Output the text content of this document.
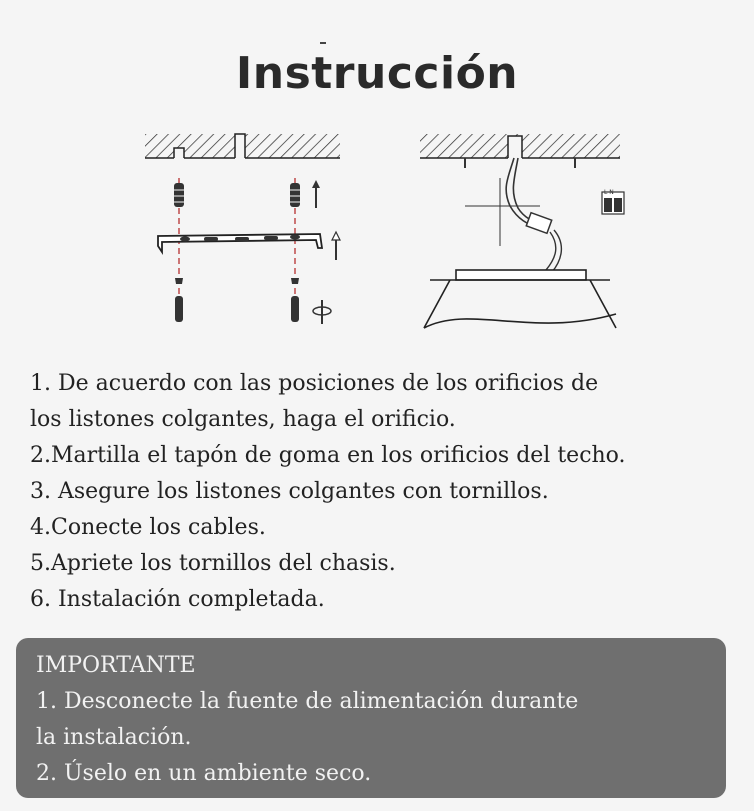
Instrucción
L N
1. De acuerdo con las posiciones de los orificios de
los listones colgantes, haga el orificio.
2.Martilla el tapón de goma en los orificios del techo.
3. Asegure los listones colgantes con tornillos.
4.Conecte los cables.
5.Apriete los tornillos del chasis.
6. Instalación completada.
IMPORTANTE
1. Desconecte la fuente de alimentación durante
la instalación.
2. Úselo en un ambiente seco.
